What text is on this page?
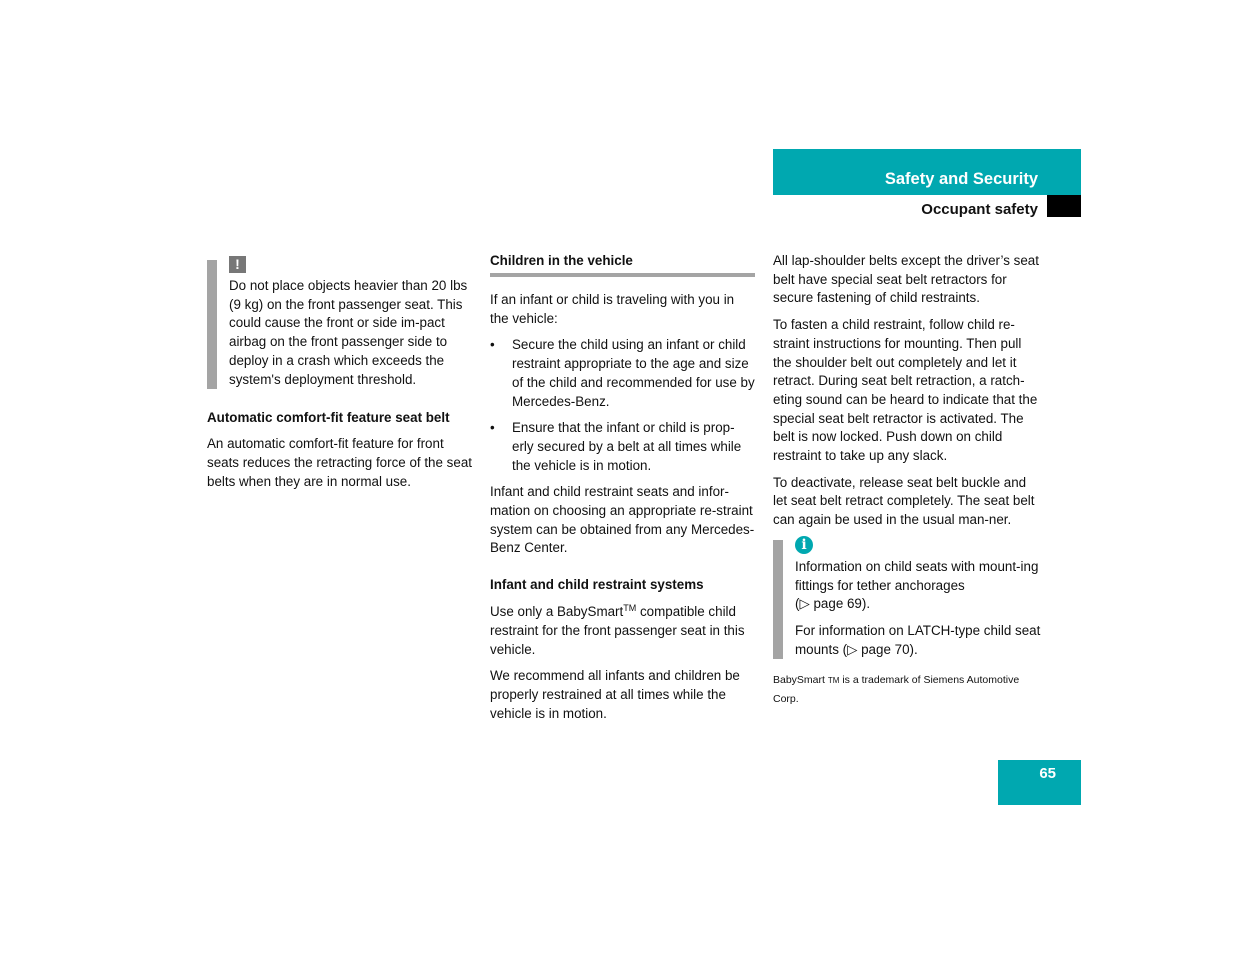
Safety and Security
Occupant safety
!

Do not place objects heavier than 20 lbs (9 kg) on the front passenger seat. This could cause the front or side im-pact airbag on the front passenger side to deploy in a crash which exceeds the system's deployment threshold.

Automatic comfort-fit feature seat belt

An automatic comfort-fit feature for front seats reduces the retracting force of the seat belts when they are in normal use.

Children in the vehicle

If an infant or child is traveling with you in the vehicle:

• Secure the child using an infant or child restraint appropriate to the age and size of the child and recommended for use by Mercedes-Benz.

• Ensure that the infant or child is prop-erly secured by a belt at all times while the vehicle is in motion.

Infant and child restraint seats and infor-mation on choosing an appropriate re-straint system can be obtained from any Mercedes-Benz Center.

Infant and child restraint systems

Use only a BabySmart™ compatible child restraint for the front passenger seat in this vehicle.

We recommend all infants and children be properly restrained at all times while the vehicle is in motion.

All lap-shoulder belts except the driver’s seat belt have special seat belt retractors for secure fastening of child restraints.

To fasten a child restraint, follow child re-straint instructions for mounting. Then pull the shoulder belt out completely and let it retract. During seat belt retraction, a ratch-eting sound can be heard to indicate that the special seat belt retractor is activated. The belt is now locked. Push down on child restraint to take up any slack.

To deactivate, release seat belt buckle and let seat belt retract completely. The seat belt can again be used in the usual man-ner.

i

Information on child seats with mount-ing fittings for tether anchorages
(▷ page 69).

For information on LATCH-type child seat mounts (▷ page 70).

BabySmart TM is a trademark of Siemens Automotive Corp.

65
